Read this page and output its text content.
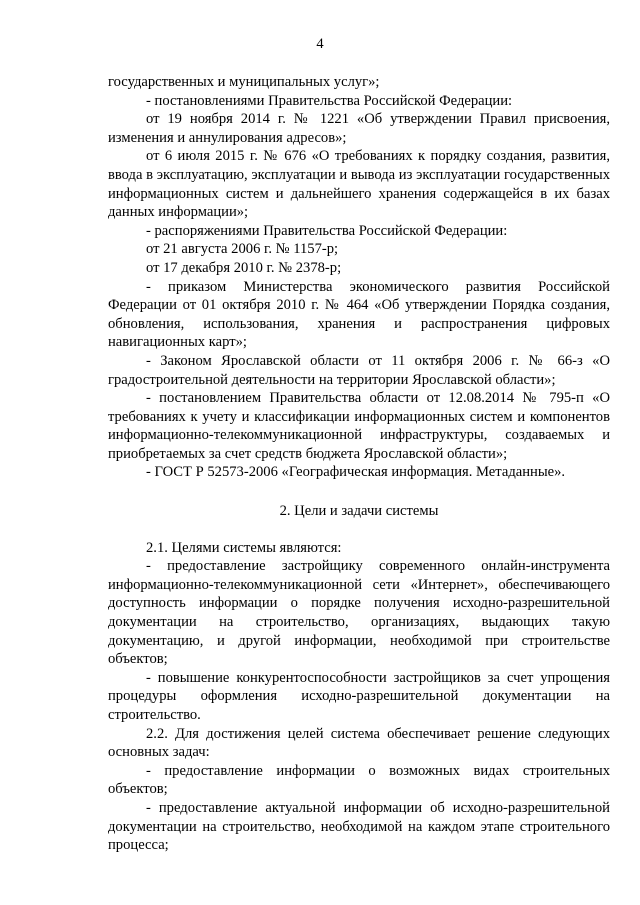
4

государственных и муниципальных услуг»;

- постановлениями Правительства Российской Федерации:

от 19 ноября 2014 г. № 1221 «Об утверждении Правил присвоения, изменения и аннулирования адресов»;

от 6 июля 2015 г. № 676 «О требованиях к порядку создания, развития, ввода в эксплуатацию, эксплуатации и вывода из эксплуатации государственных информационных систем и дальнейшего хранения содержащейся в их базах данных информации»;

- распоряжениями Правительства Российской Федерации:

от 21 августа 2006 г. № 1157-р;

от 17 декабря 2010 г. № 2378-р;

- приказом Министерства экономического развития Российской Федерации от 01 октября 2010 г. № 464 «Об утверждении Порядка создания, обновления, использования, хранения и распространения цифровых навигационных карт»;

- Законом Ярославской области от 11 октября 2006 г. № 66-з «О градостроительной деятельности на территории Ярославской области»;

- постановлением Правительства области от 12.08.2014 № 795-п «О требованиях к учету и классификации информационных систем и компонентов информационно-телекоммуникационной инфраструктуры, создаваемых и приобретаемых за счет средств бюджета Ярославской области»;

- ГОСТ Р 52573-2006 «Географическая информация. Метаданные».

2. Цели и задачи системы

2.1. Целями системы являются:

- предоставление застройщику современного онлайн-инструмента информационно-телекоммуникационной сети «Интернет», обеспечивающего доступность информации о порядке получения исходно-разрешительной документации на строительство, организациях, выдающих такую документацию, и другой информации, необходимой при строительстве объектов;

- повышение конкурентоспособности застройщиков за счет упрощения процедуры оформления исходно-разрешительной документации на строительство.

2.2. Для достижения целей система обеспечивает решение следующих основных задач:

- предоставление информации о возможных видах строительных объектов;

- предоставление актуальной информации об исходно-разрешительной документации на строительство, необходимой на каждом этапе строительного процесса;
